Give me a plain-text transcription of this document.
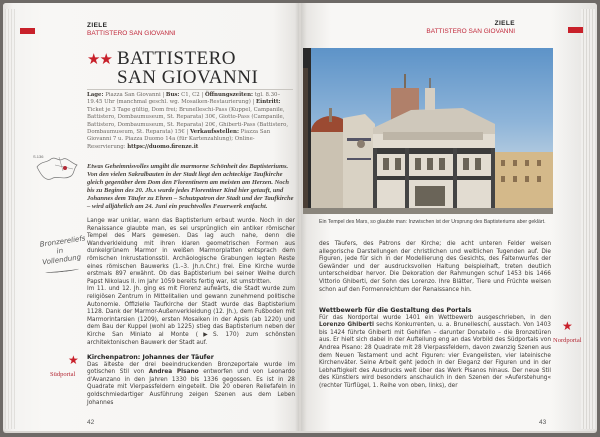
ZIELE
BATTISTERO SAN GIOVANNI
★★ BATTISTERO
SAN GIOVANNI
Lage: Piazza San Giovanni | Bus: C1, C2 | Öffnungszeiten: tgl. 8.30–19.45 Uhr (manchmal geschl. wg. Mosaiken-Restaurierung) | Eintritt: Ticket je 3 Tage gültig, Dom frei; Brunelleschi-Pass (Kuppel, Campanile, Battistero, Dombaumuseum, St. Reparata) 30€, Giotto-Pass (Campanile, Battistero, Dombaumuseum, St. Reparata) 20€, Ghiberti-Pass (Battistero, Dombaumuseum, St. Reparata) 15€ | Verkaufsstellen: Piazza San Giovanni 7 u. Piazza Duomo 14a (für Kartenzahlung); Online-Reservierung: https://duomo.firenze.it
S.136
Bronzereliefs in Vollendung
Etwas Geheimnisvolles umgibt die marmorne Schönheit des Baptisteriums. Von den vielen Sakralbauten in der Stadt liegt den achteckige Taufkirche gleich gegenüber dem Dom den Florentinern am meisten am Herzen. Noch bis zu Beginn des 20. Jh.s wurde jedes Florentiner Kind hier getauft, und Johannes dem Täufer zu Ehren – Schutzpatron der Stadt und der Taufkirche – wird alljährlich am 24. Juni ein prachtvolles Feuerwerk entfacht.
Lange war unklar, wann das Baptisterium erbaut wurde. Noch in der Renaissance glaubte man, es sei ursprünglich ein antiker römischer Tempel des Mars gewesen. Das lag auch nahe, denn die Wandverkleidung mit ihren klaren geometrischen Formen aus dunkelgrünem Marmor in weißen Marmorplatten entsprach dem römischen Inkrustationsstil. Archäologische Grabungen legten Reste eines römischen Bauwerks (1.–3. Jh.n.Chr.) frei. Eine Kirche wurde erstmals 897 erwähnt. Ob das Baptisterium bei seiner Weihe durch Papst Nikolaus II. im Jahr 1059 bereits fertig war, ist umstritten.
Im 11. und 12. Jh. ging es mit Florenz aufwärts, die Stadt wurde zum religiösen Zentrum in Mittelitalien und gewann zunehmend politische Autonomie. Offizielle Taufkirche der Stadt wurde das Baptisterium 1128. Dank der Marmor-Außenverkleidung (12. Jh.), dem Fußboden mit Marmorintarsien (1209), ersten Mosaiken in der Apsis (ab 1220) und dem Bau der Kuppel (wohl ab 1225) stieg das Baptisterium neben der Kirche San Miniato al Monte (▶S. 170) zum schönsten architektonischen Bauwerk der Stadt auf.
Kirchenpatron: Johannes der Täufer
Das älteste der drei beeindruckenden Bronzeportale wurde im gotischen Stil von Andrea Pisano entworfen und von Leonardo d'Avanzano in den Jahren 1330 bis 1336 gegossen. Es ist in 28 Quadrate mit Vierpassfeldern eingeteilt. Die 20 oberen Reliefafeln in goldschmiedartiger Ausführung zeigen Szenen aus dem Leben Johannes
★
Südportal
42
ZIELE
BATTISTERO SAN GIOVANNI
Ein Tempel des Mars, so glaubte man: Inzwischen ist der Ursprung des Baptisteriums aber geklärt.
des Täufers, des Patrons der Kirche; die acht unteren Felder weisen allegorische Darstellungen der christlichen und weltlichen Tugenden auf. Die Figuren, jede für sich in der Modellierung des Gesichts, des Faltenwurfes der Gewänder und der ausdrucksvollen Haltung beispielhaft, treten deutlich unterscheidbar hervor. Die Dekoration der Rahmungen schuf 1453 bis 1466 Vittorio Ghiberti, der Sohn des Lorenzo. Ihre Blätter, Tiere und Früchte weisen schon auf den Formenreichtum der Renaissance hin.
Wettbewerb für die Gestaltung des Portals
Für das Nordportal wurde 1401 ein Wettbewerb ausgeschrieben, in den Lorenzo Ghiberti sechs Konkurrenten, u. a. Brunelleschi, ausstach. Von 1403 bis 1424 führte Ghiberti mit Gehilfen – darunter Donatello – die Bronzetüren aus. Er hielt sich dabei in der Aufteilung eng an das Vorbild des Südportals von Andrea Pisano: 28 Quadrate mit 28 Vierpassfeldern, davon zwanzig Szenen aus dem Neuen Testament und acht Figuren: vier Evangelisten, vier lateinische Kirchenväter. Seine Arbeit geht jedoch in der Eleganz der Figuren und in der Lebhaftigkeit des Ausdrucks weit über das Werk Pisanos hinaus. Der neue Stil des Künstlers wird besonders anschaulich in den Szenen der »Auferstehung« (rechter Türflügel, 1. Reihe von oben, links), der
★
Nordportal
43
